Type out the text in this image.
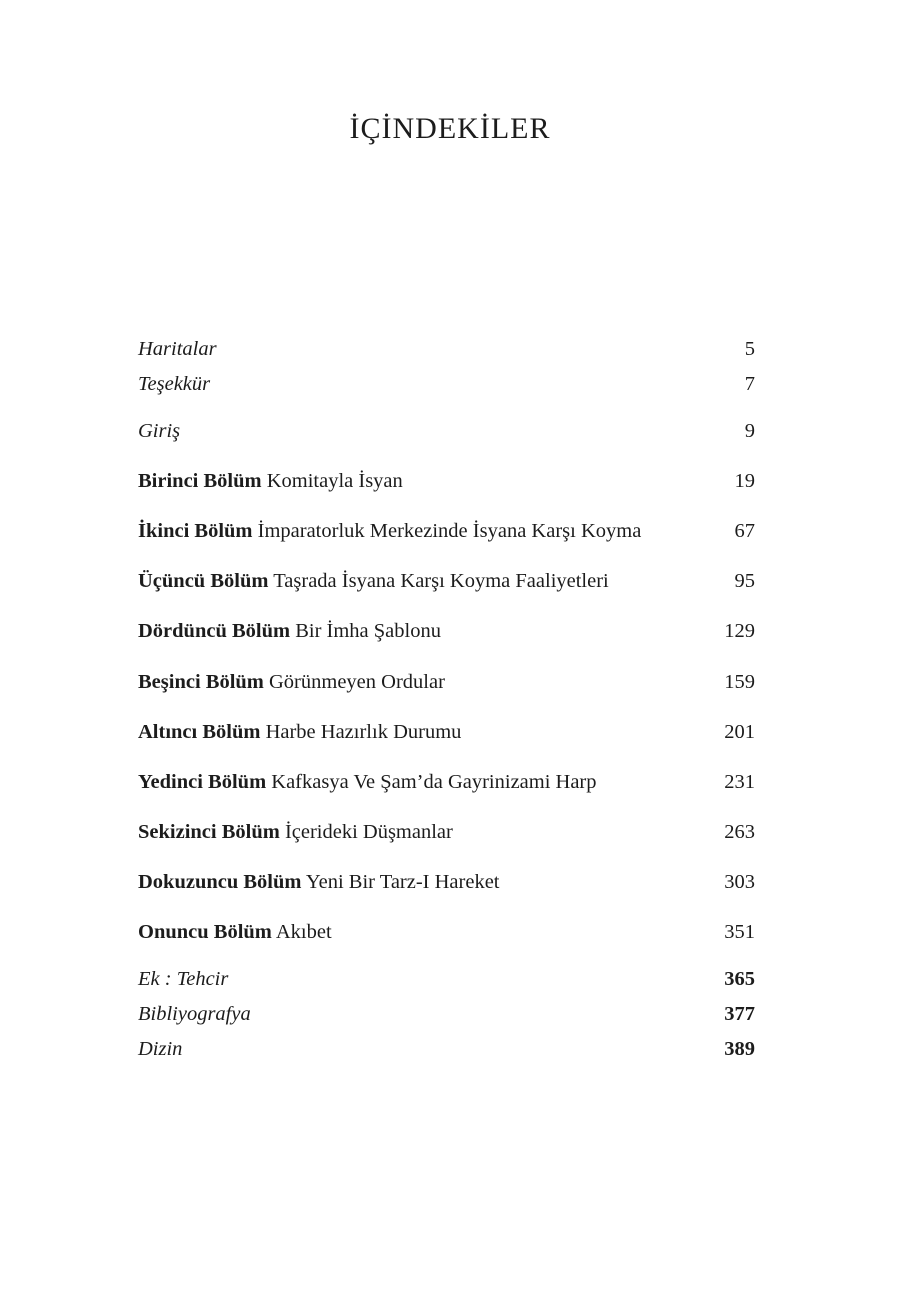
İÇİNDEKİLER
Haritalar	5
Teşekkür	7
Giriş	9
Birinci Bölüm Komitayla İsyan	19
İkinci Bölüm İmparatorluk Merkezinde İsyana Karşı Koyma	67
Üçüncü Bölüm Taşrada İsyana Karşı Koyma Faaliyetleri	95
Dördüncü Bölüm Bir İmha Şablonu	129
Beşinci Bölüm Görünmeyen Ordular	159
Altıncı Bölüm Harbe Hazırlık Durumu	201
Yedinci Bölüm Kafkasya Ve Şam’da Gayrinizami Harp	231
Sekizinci Bölüm İçerideki Düşmanlar	263
Dokuzuncu Bölüm Yeni Bir Tarz-I Hareket	303
Onuncu Bölüm Akıbet	351
Ek : Tehcir	365
Bibliyografya	377
Dizin	389
